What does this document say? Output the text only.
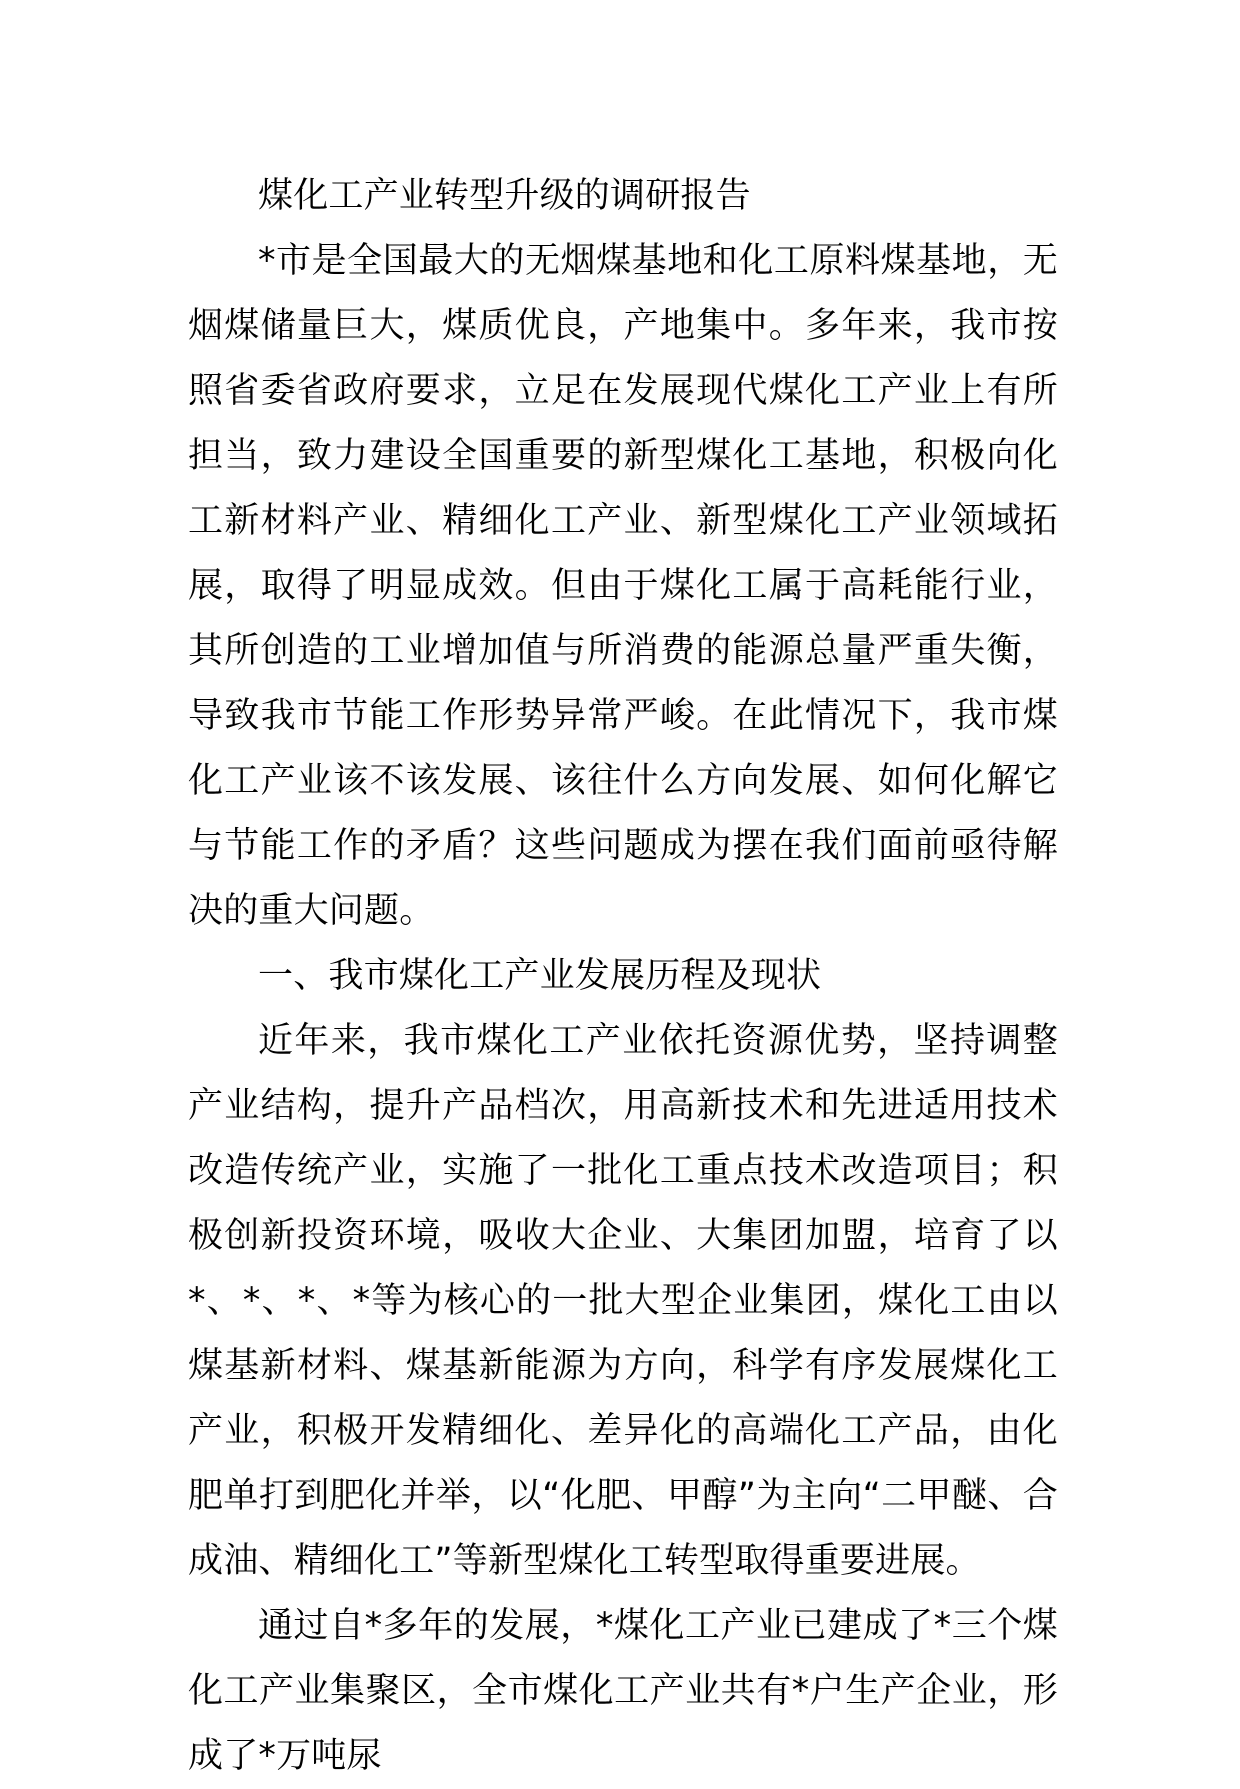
煤化工产业转型升级的调研报告

*市是全国最大的无烟煤基地和化工原料煤基地，无烟煤储量巨大，煤质优良，产地集中。多年来，我市按照省委省政府要求，立足在发展现代煤化工产业上有所担当，致力建设全国重要的新型煤化工基地，积极向化工新材料产业、精细化工产业、新型煤化工产业领域拓展，取得了明显成效。但由于煤化工属于高耗能行业，其所创造的工业增加值与所消费的能源总量严重失衡，导致我市节能工作形势异常严峻。在此情况下，我市煤化工产业该不该发展、该往什么方向发展、如何化解它与节能工作的矛盾？这些问题成为摆在我们面前亟待解决的重大问题。

一、我市煤化工产业发展历程及现状

近年来，我市煤化工产业依托资源优势，坚持调整产业结构，提升产品档次，用高新技术和先进适用技术改造传统产业，实施了一批化工重点技术改造项目；积极创新投资环境，吸收大企业、大集团加盟，培育了以*、*、*、*等为核心的一批大型企业集团，煤化工由以煤基新材料、煤基新能源为方向，科学有序发展煤化工产业，积极开发精细化、差异化的高端化工产品，由化肥单打到肥化并举，以“化肥、甲醇”为主向“二甲醚、合成油、精细化工”等新型煤化工转型取得重要进展。

通过自*多年的发展，*煤化工产业已建成了*三个煤化工产业集聚区，全市煤化工产业共有*户生产企业，形成了*万吨尿
